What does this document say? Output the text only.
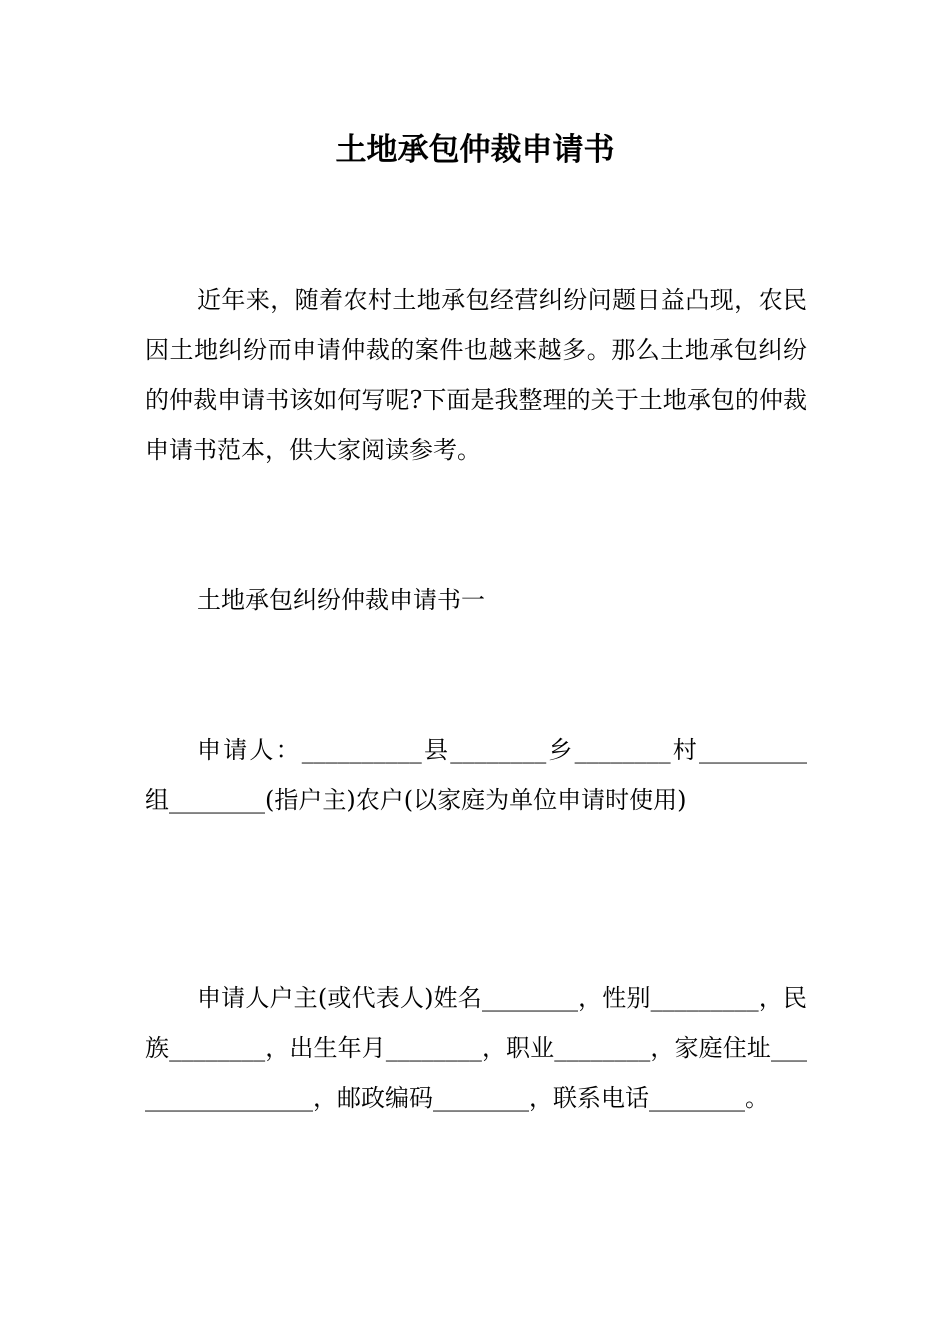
土地承包仲裁申请书

近年来，随着农村土地承包经营纠纷问题日益凸现，农民因土地纠纷而申请仲裁的案件也越来越多。那么土地承包纠纷的仲裁申请书该如何写呢?下面是我整理的关于土地承包的仲裁申请书范本，供大家阅读参考。

土地承包纠纷仲裁申请书一

申请人：__________县________乡________村_________组________(指户主)农户(以家庭为单位申请时使用)

申请人户主(或代表人)姓名________，性别_________，民族________，出生年月________，职业________，家庭住址_________________，邮政编码________，联系电话________。
